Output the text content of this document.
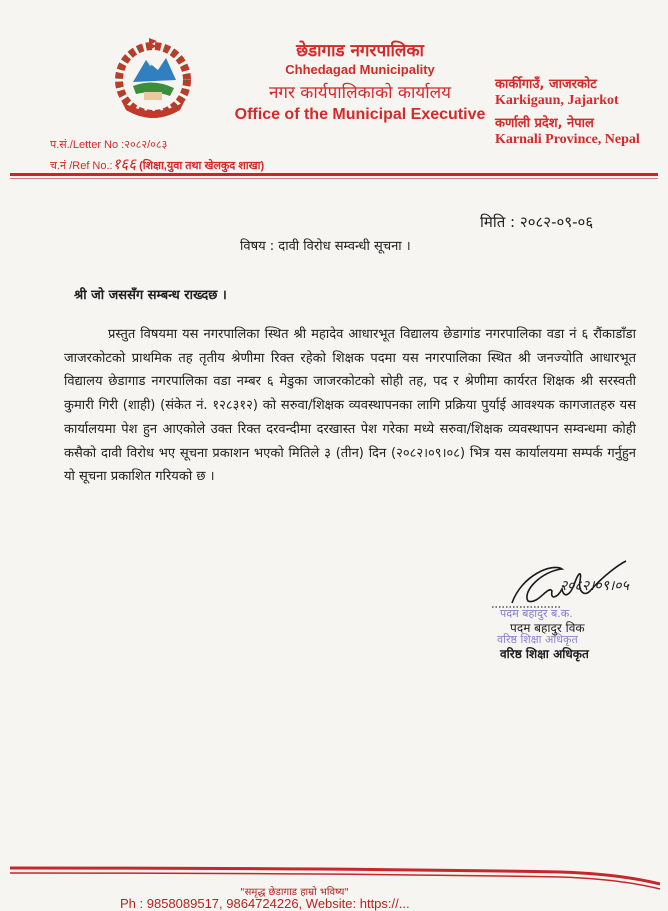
छेडागाड नगरपालिका
Chhedagad Municipality
नगर कार्यपालिकाको कार्यालय
Office of the Municipal Executive
कार्कीगाउँ, जाजरकोट
Karkigaun, Jajarkot
कर्णाली प्रदेश, नेपाल
Karnali Province, Nepal
प.सं./Letter No :२०८२/०८३
च.नं /Ref No.:१६६ (शिक्षा,युवा तथा खेलकुद शाखा)
मिति : २०८२-०९-०६
विषय : दावी विरोध सम्वन्धी सूचना ।
श्री जो जससँग सम्बन्ध राख्दछ ।
प्रस्तुत विषयमा यस नगरपालिका स्थित श्री महादेव आधारभूत विद्यालय छेडागांड नगरपालिका वडा नं ६ रौंकाडाँडा जाजरकोटको प्राथमिक तह तृतीय श्रेणीमा रिक्त रहेको शिक्षक पदमा यस नगरपालिका स्थित श्री जनज्योति आधारभूत विद्यालय छेडागाड नगरपालिका वडा नम्बर ६ मेडुका जाजरकोटको सोही तह, पद र श्रेणीमा कार्यरत शिक्षक श्री सरस्वती कुमारी गिरी (शाही) (संकेत नं. १२८३१२) को सरुवा/शिक्षक व्यवस्थापनका लागि प्रक्रिया पुर्याई आवश्यक कागजातहरु यस कार्यालयमा पेश हुन आएकोले उक्त रिक्त दरवन्दीमा दरखास्त पेश गरेका मध्ये सरुवा/शिक्षक व्यवस्थापन सम्वन्धमा कोही कसैको दावी विरोध भए सूचना प्रकाशन भएको मितिले ३ (तीन) दिन (२०८२।०९।०८) भित्र यस कार्यालयमा सम्पर्क गर्नुहुन यो सूचना प्रकाशित गरियको छ ।
२०८२।०९।०५
पदम बहादुर ब.क.
पदम बहादुर विक
वरिष्ठ शिक्षा अधिकृत
वरिष्ठ शिक्षा अधिकृत
"समृद्ध छेडागाड हाम्रो भविष्य"
Ph : 9858089517, 9864724226, Website: https://...
